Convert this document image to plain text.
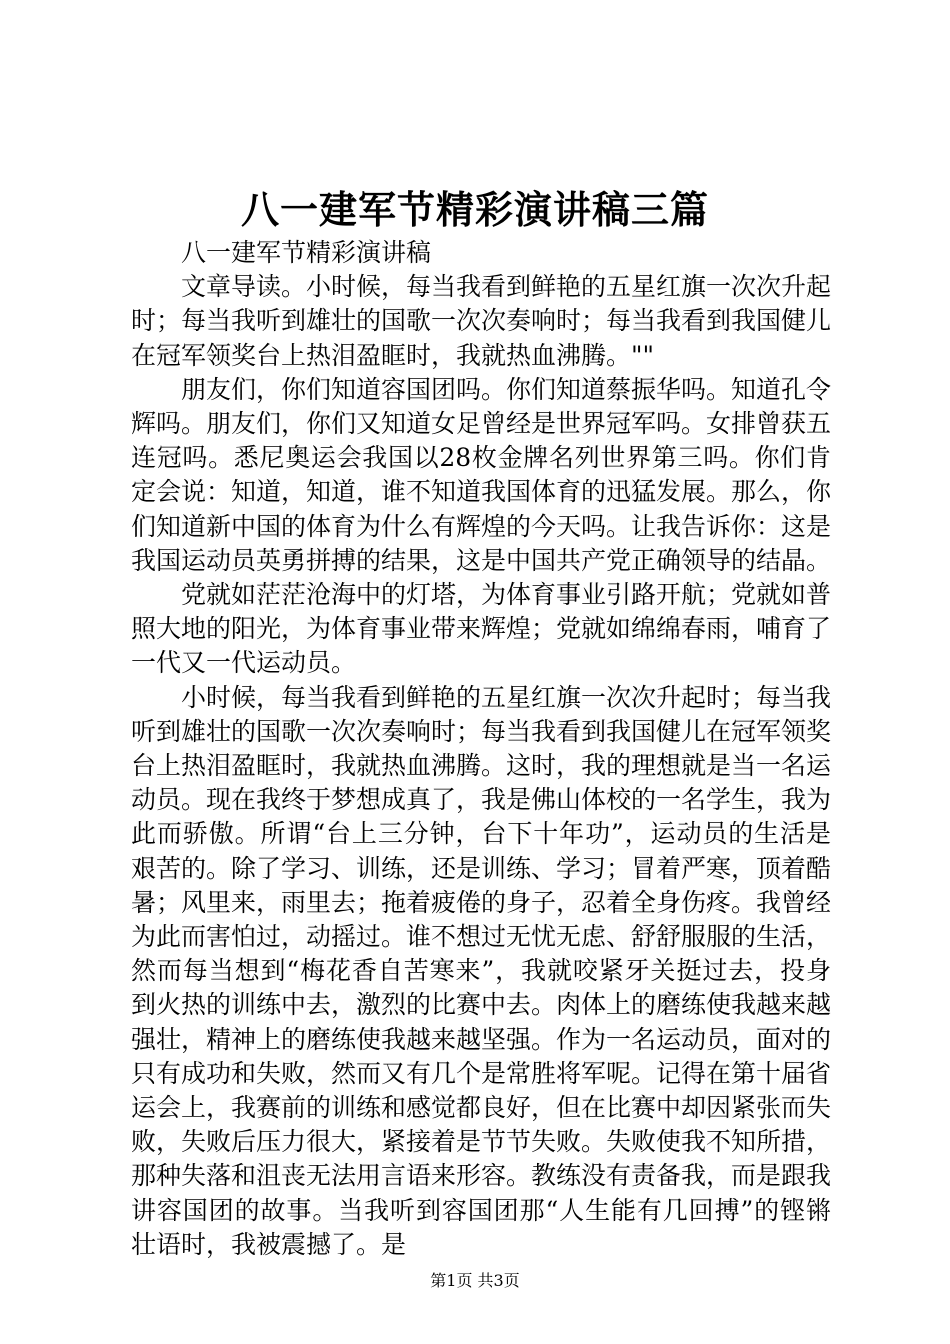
八一建军节精彩演讲稿三篇

八一建军节精彩演讲稿

文章导读。小时候，每当我看到鲜艳的五星红旗一次次升起时；每当我听到雄壮的国歌一次次奏响时；每当我看到我国健儿在冠军领奖台上热泪盈眶时，我就热血沸腾。""

朋友们，你们知道容国团吗。你们知道蔡振华吗。知道孔令辉吗。朋友们，你们又知道女足曾经是世界冠军吗。女排曾获五连冠吗。悉尼奥运会我国以28枚金牌名列世界第三吗。你们肯定会说：知道，知道，谁不知道我国体育的迅猛发展。那么，你们知道新中国的体育为什么有辉煌的今天吗。让我告诉你：这是我国运动员英勇拼搏的结果，这是中国共产党正确领导的结晶。

党就如茫茫沧海中的灯塔，为体育事业引路开航；党就如普照大地的阳光，为体育事业带来辉煌；党就如绵绵春雨，哺育了一代又一代运动员。

小时候，每当我看到鲜艳的五星红旗一次次升起时；每当我听到雄壮的国歌一次次奏响时；每当我看到我国健儿在冠军领奖台上热泪盈眶时，我就热血沸腾。这时，我的理想就是当一名运动员。现在我终于梦想成真了，我是佛山体校的一名学生，我为此而骄傲。所谓“台上三分钟，台下十年功”，运动员的生活是艰苦的。除了学习、训练，还是训练、学习；冒着严寒，顶着酷暑；风里来，雨里去；拖着疲倦的身子，忍着全身伤疼。我曾经为此而害怕过，动摇过。谁不想过无忧无虑、舒舒服服的生活，然而每当想到“梅花香自苦寒来”，我就咬紧牙关挺过去，投身到火热的训练中去，激烈的比赛中去。肉体上的磨练使我越来越强壮，精神上的磨练使我越来越坚强。作为一名运动员，面对的只有成功和失败，然而又有几个是常胜将军呢。记得在第十届省运会上，我赛前的训练和感觉都良好，但在比赛中却因紧张而失败，失败后压力很大，紧接着是节节失败。失败使我不知所措，那种失落和沮丧无法用言语来形容。教练没有责备我，而是跟我讲容国团的故事。当我听到容国团那“人生能有几回搏”的铿锵壮语时，我被震撼了。是

第1页 共3页
